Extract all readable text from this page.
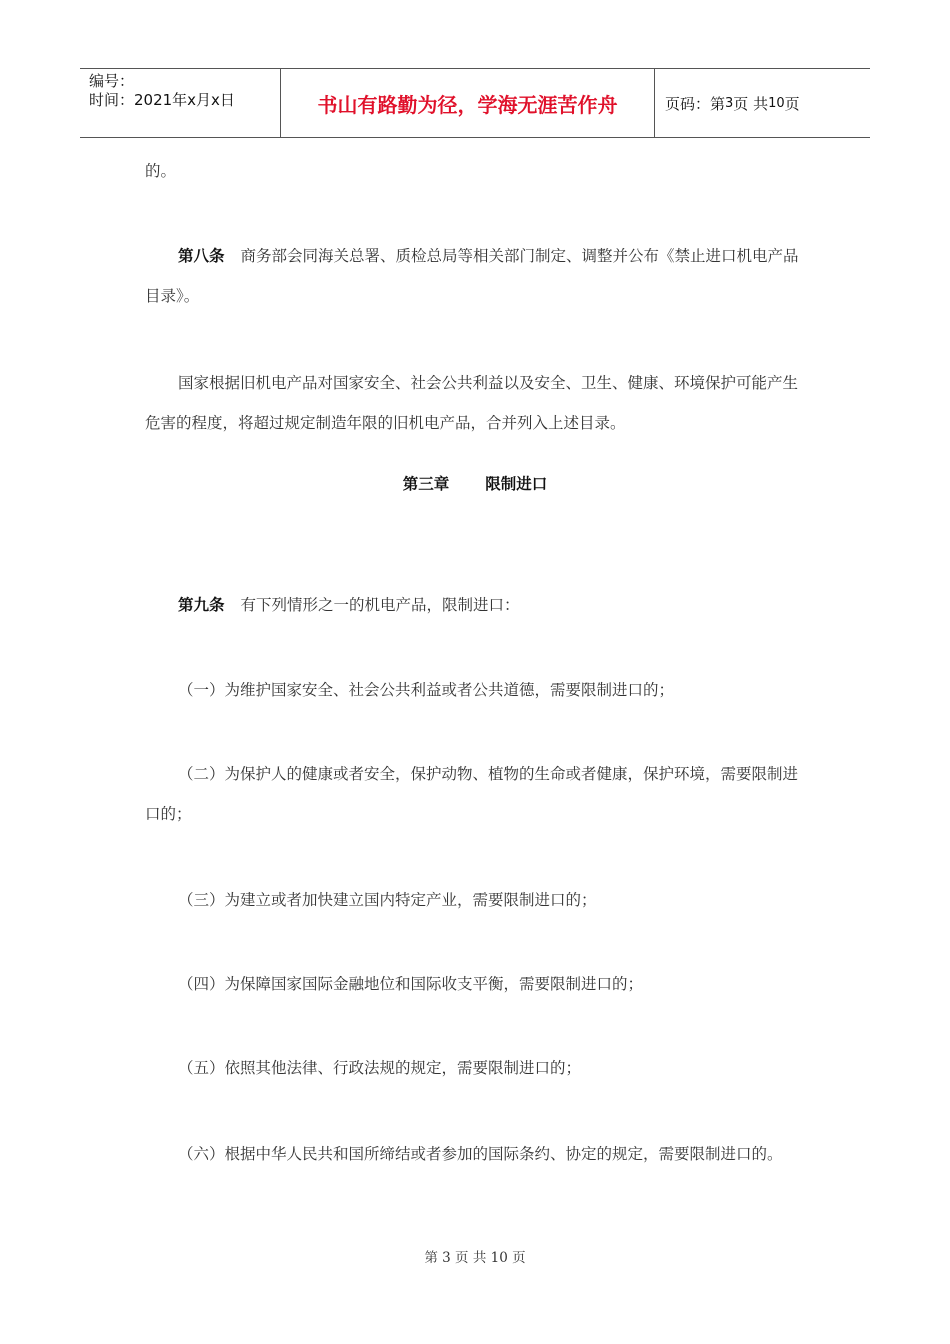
编号：
时间：2021年x月x日	书山有路勤为径，学海无涯苦作舟	页码：第 3 页 共 10 页
的。
第八条 商务部会同海关总署、质检总局等相关部门制定、调整并公布《禁止进口机电产品目录》。
国家根据旧机电产品对国家安全、社会公共利益以及安全、卫生、健康、环境保护可能产生危害的程度，将超过规定制造年限的旧机电产品，合并列入上述目录。
第三章 限制进口
第九条 有下列情形之一的机电产品，限制进口：
（一）为维护国家安全、社会公共利益或者公共道德，需要限制进口的；
（二）为保护人的健康或者安全，保护动物、植物的生命或者健康，保护环境，需要限制进口的；
（三）为建立或者加快建立国内特定产业，需要限制进口的；
（四）为保障国家国际金融地位和国际收支平衡，需要限制进口的；
（五）依照其他法律、行政法规的规定，需要限制进口的；
（六）根据中华人民共和国所缔结或者参加的国际条约、协定的规定，需要限制进口的。
第 3 页 共 10 页
